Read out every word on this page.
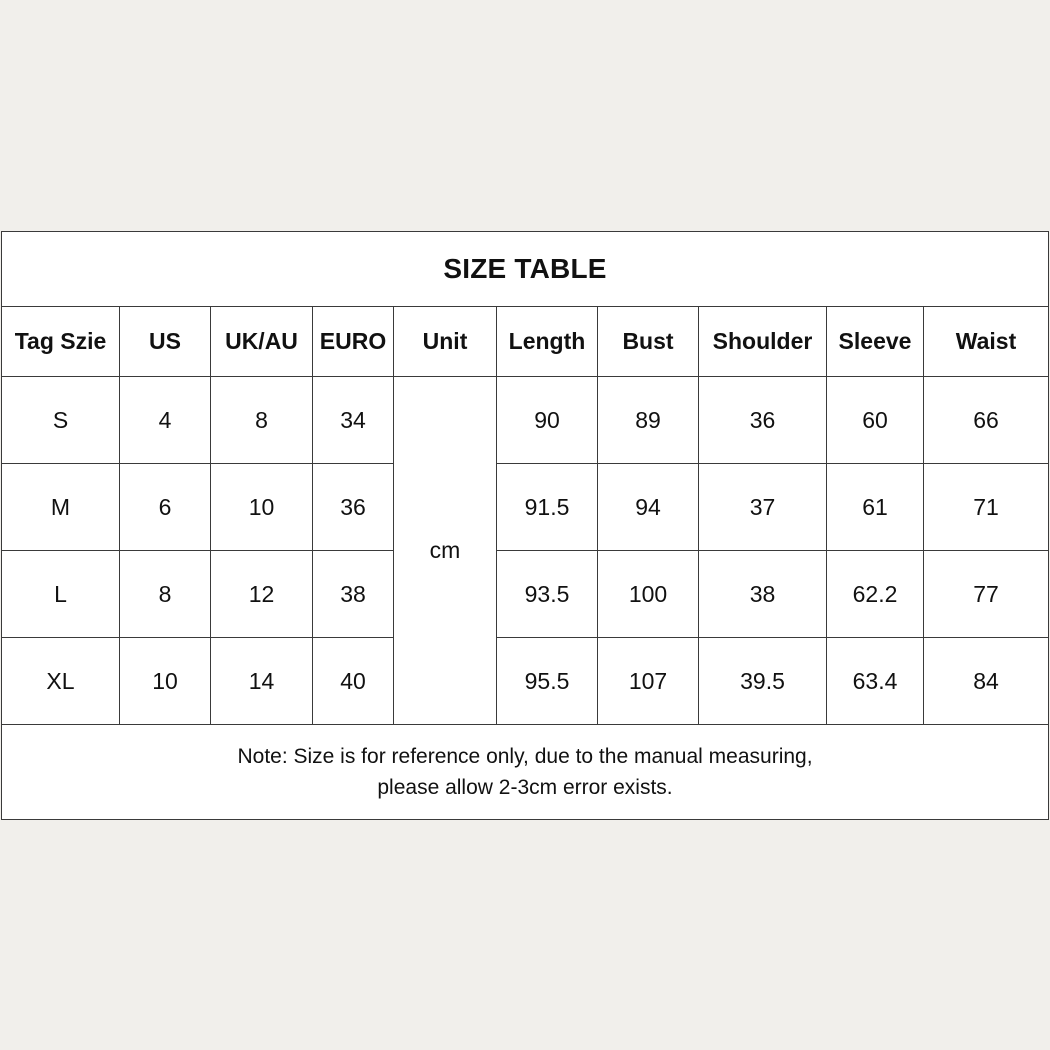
SIZE TABLE									
Tag Szie	US	UK/AU	EURO	Unit	Length	Bust	Shoulder	Sleeve	Waist
S	4	8	34	cm	90	89	36	60	66
M	6	10	36		91.5	94	37	61	71
L	8	12	38		93.5	100	38	62.2	77
XL	10	14	40		95.5	107	39.5	63.4	84

Note: Size is for reference only, due to the manual measuring,
please allow 2-3cm error exists.									
